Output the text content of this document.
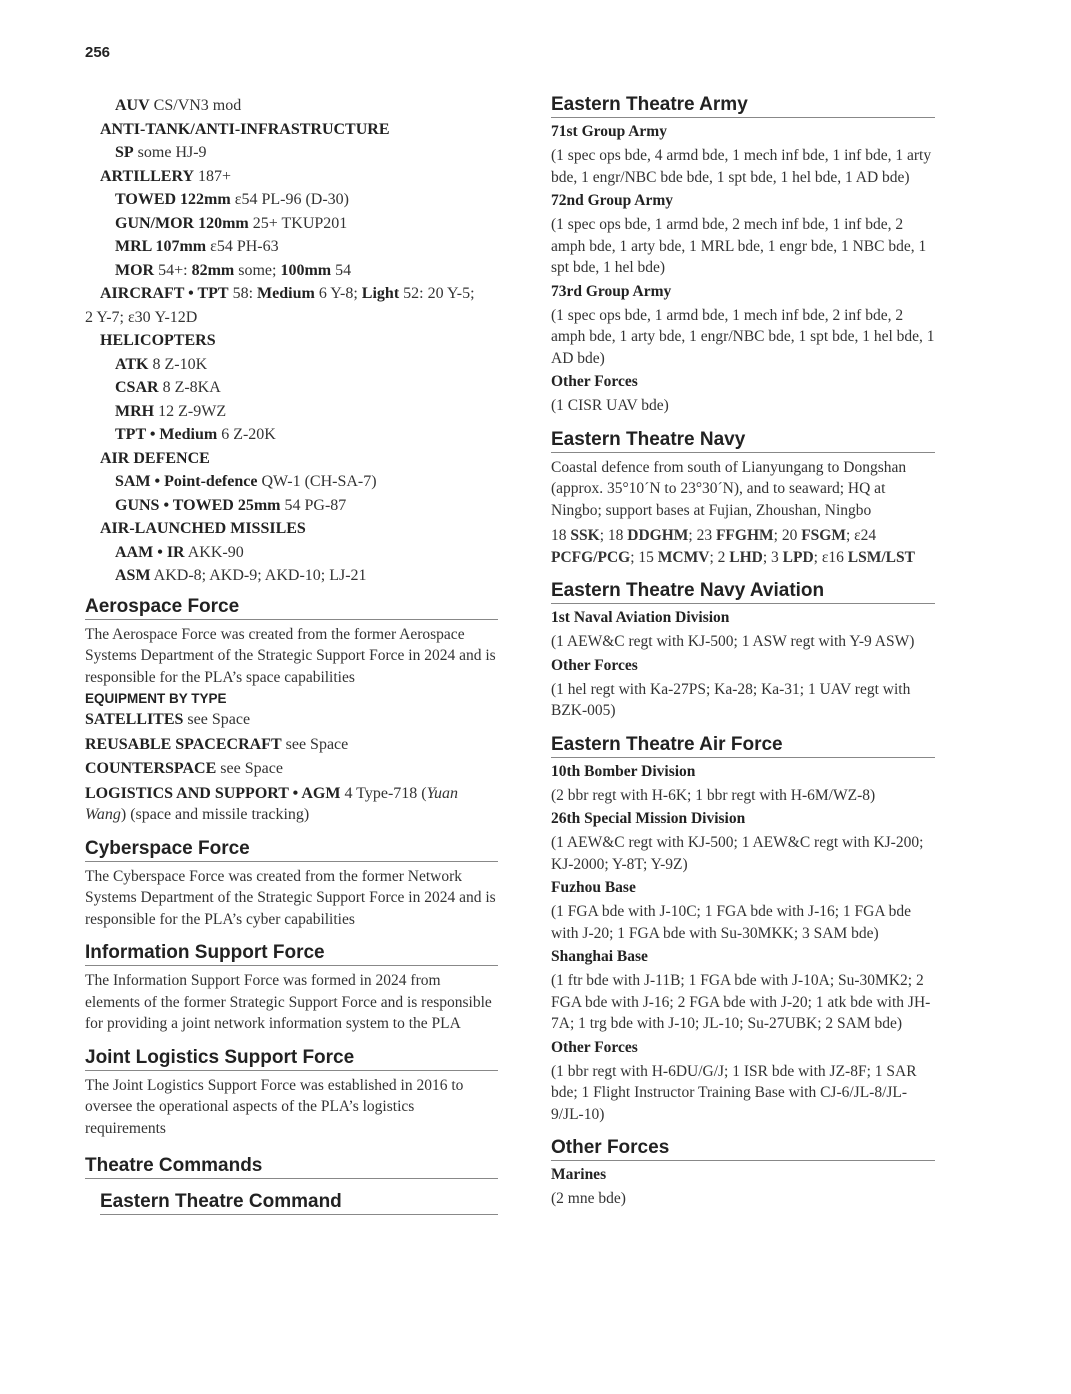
256
AUV CS/VN3 mod
ANTI-TANK/ANTI-INFRASTRUCTURE
SP some HJ-9
ARTILLERY 187+
TOWED 122mm ε54 PL-96 (D-30)
GUN/MOR 120mm 25+ TKUP201
MRL 107mm ε54 PH-63
MOR 54+: 82mm some; 100mm 54
AIRCRAFT • TPT 58: Medium 6 Y-8; Light 52: 20 Y-5;
2 Y-7; ε30 Y-12D
HELICOPTERS
ATK 8 Z-10K
CSAR 8 Z-8KA
MRH 12 Z-9WZ
TPT • Medium 6 Z-20K
AIR DEFENCE
SAM • Point-defence QW-1 (CH-SA-7)
GUNS • TOWED 25mm 54 PG-87
AIR-LAUNCHED MISSILES
AAM • IR AKK-90
ASM AKD-8; AKD-9; AKD-10; LJ-21
Aerospace Force

The Aerospace Force was created from the former Aerospace Systems Department of the Strategic Support Force in 2024 and is responsible for the PLA’s space capabilities

EQUIPMENT BY TYPE
SATELLITES see Space
REUSABLE SPACECRAFT see Space
COUNTERSPACE see Space
LOGISTICS AND SUPPORT • AGM 4 Type-718 (Yuan Wang) (space and missile tracking)
Cyberspace Force

The Cyberspace Force was created from the former Network Systems Department of the Strategic Support Force in 2024 and is responsible for the PLA’s cyber capabilities

Information Support Force

The Information Support Force was formed in 2024 from elements of the former Strategic Support Force and is responsible for providing a joint network information system to the PLA

Joint Logistics Support Force

The Joint Logistics Support Force was established in 2016 to oversee the operational aspects of the PLA’s logistics requirements

Theatre Commands
Eastern Theatre Command
Eastern Theatre Army
71st Group Army
(1 spec ops bde, 4 armd bde, 1 mech inf bde, 1 inf bde, 1 arty bde, 1 engr/NBC bde bde, 1 spt bde, 1 hel bde, 1 AD bde)
72nd Group Army
(1 spec ops bde, 1 armd bde, 2 mech inf bde, 1 inf bde, 2 amph bde, 1 arty bde, 1 MRL bde, 1 engr bde, 1 NBC bde, 1 spt bde, 1 hel bde)
73rd Group Army
(1 spec ops bde, 1 armd bde, 1 mech inf bde, 2 inf bde, 2 amph bde, 1 arty bde, 1 engr/NBC bde, 1 spt bde, 1 hel bde, 1 AD bde)
Other Forces
(1 CISR UAV bde)
Eastern Theatre Navy

Coastal defence from south of Lianyungang to Dongshan (approx. 35°10´N to 23°30´N), and to seaward; HQ at Ningbo; support bases at Fujian, Zhoushan, Ningbo

18 SSK; 18 DDGHM; 23 FFGHM; 20 FSGM; ε24 PCFG/PCG; 15 MCMV; 2 LHD; 3 LPD; ε16 LSM/LST

Eastern Theatre Navy Aviation
1st Naval Aviation Division
(1 AEW&C regt with KJ-500; 1 ASW regt with Y-9 ASW)
Other Forces
(1 hel regt with Ka-27PS; Ka-28; Ka-31; 1 UAV regt with BZK-005)
Eastern Theatre Air Force
10th Bomber Division
(2 bbr regt with H-6K; 1 bbr regt with H-6M/WZ-8)
26th Special Mission Division
(1 AEW&C regt with KJ-500; 1 AEW&C regt with KJ-200; KJ-2000; Y-8T; Y-9Z)
Fuzhou Base
(1 FGA bde with J-10C; 1 FGA bde with J-16; 1 FGA bde with J-20; 1 FGA bde with Su-30MKK; 3 SAM bde)
Shanghai Base
(1 ftr bde with J-11B; 1 FGA bde with J-10A; Su-30MK2; 2 FGA bde with J-16; 2 FGA bde with J-20; 1 atk bde with JH-7A; 1 trg bde with J-10; JL-10; Su-27UBK; 2 SAM bde)
Other Forces
(1 bbr regt with H-6DU/G/J; 1 ISR bde with JZ-8F; 1 SAR bde; 1 Flight Instructor Training Base with CJ-6/JL-8/JL-9/JL-10)
Other Forces
Marines
(2 mne bde)
